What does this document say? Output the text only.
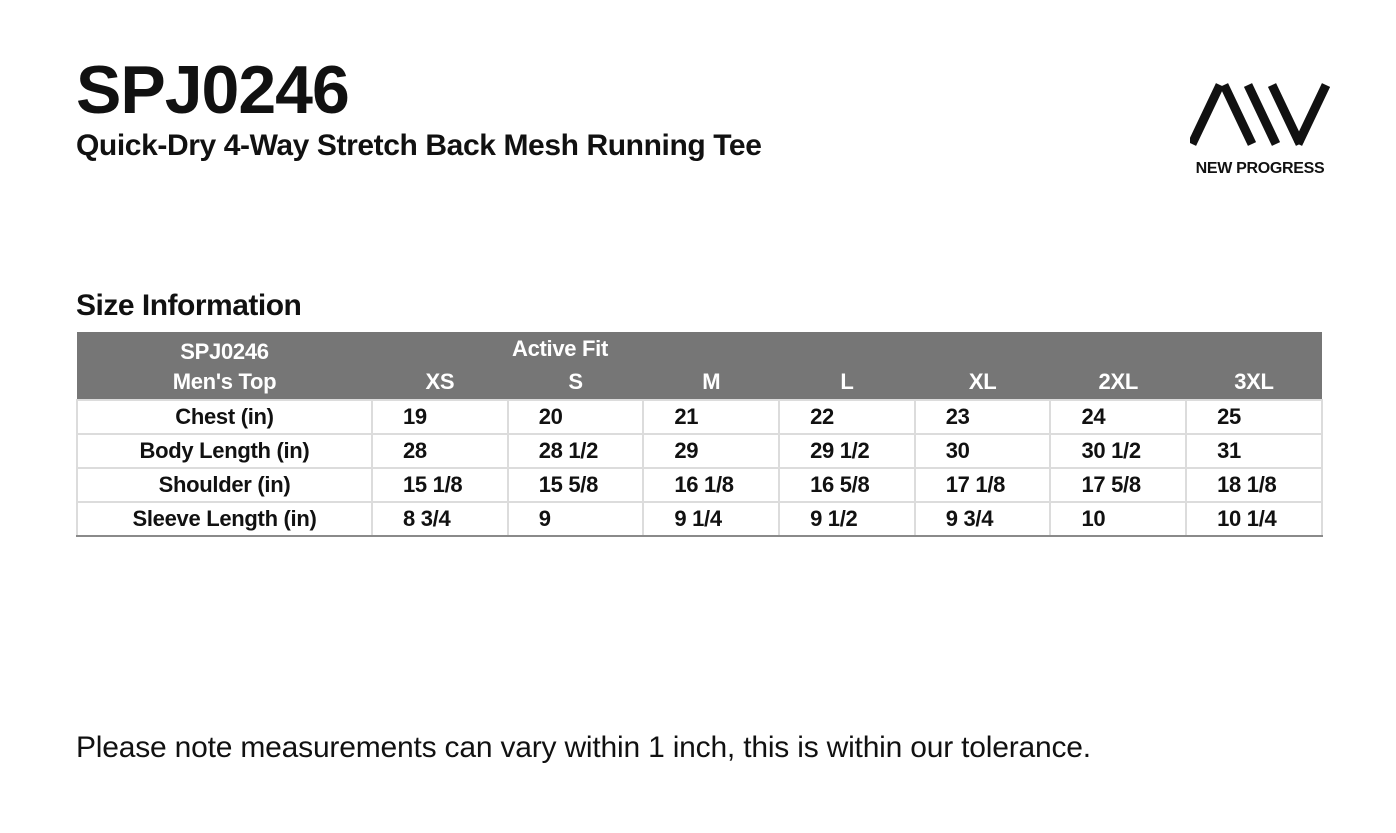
SPJ0246
Quick-Dry 4-Way Stretch Back Mesh Running Tee
NEW PROGRESS
Size Information
SPJ0246	Active Fit						
Men's Top	XS	S	M	L	XL	2XL	3XL
Chest (in)	19	20	21	22	23	24	25
Body Length (in)	28	28 1/2	29	29 1/2	30	30 1/2	31
Shoulder (in)	15 1/8	15 5/8	16 1/8	16 5/8	17 1/8	17 5/8	18 1/8
Sleeve Length (in)	8 3/4	9	9 1/4	9 1/2	9 3/4	10	10 1/4

Please note measurements can vary within 1 inch, this is within our tolerance.
